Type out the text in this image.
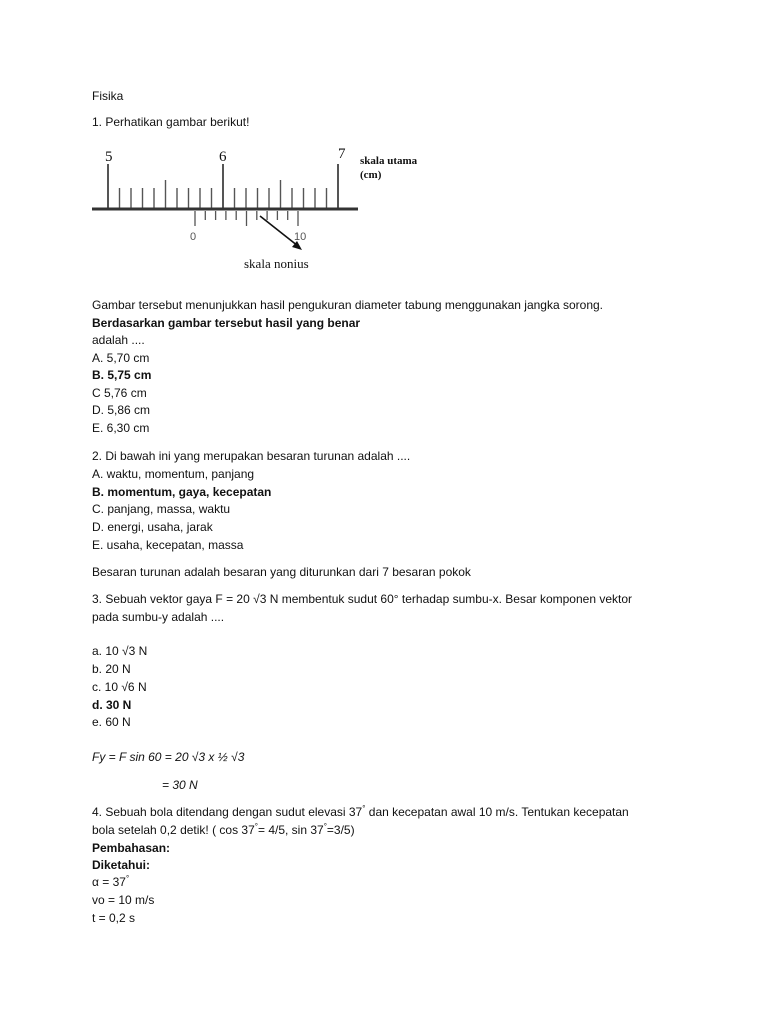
Fisika
1. Perhatikan gambar berikut!
5	6	7 skala utama
(cm)
0	10
skala nonius
Gambar tersebut menunjukkan hasil pengukuran diameter tabung menggunakan jangka sorong.
Berdasarkan gambar tersebut hasil yang benar
adalah ....
A. 5,70 cm
B. 5,75 cm
C 5,76 cm
D. 5,86 cm
E. 6,30 cm
2. Di bawah ini yang merupakan besaran turunan adalah ....
A. waktu, momentum, panjang
B. momentum, gaya, kecepatan
C. panjang, massa, waktu
D. energi, usaha, jarak
E. usaha, kecepatan, massa
Besaran turunan adalah besaran yang diturunkan dari 7 besaran pokok
3. Sebuah vektor gaya F = 20 √3 N membentuk sudut 60° terhadap sumbu-x. Besar komponen vektor
pada sumbu-y adalah ....
a. 10 √3 N
b. 20 N
c. 10 √6 N
d. 30 N
e. 60 N
Fy = F sin 60 = 20 √3 x ½ √3
= 30 N
4. Sebuah bola ditendang dengan sudut elevasi 37° dan kecepatan awal 10 m/s. Tentukan kecepatan
bola setelah 0,2 detik! ( cos 37°= 4/5, sin 37°=3/5)
Pembahasan:
Diketahui:
α = 37°
vo = 10 m/s
t = 0,2 s
